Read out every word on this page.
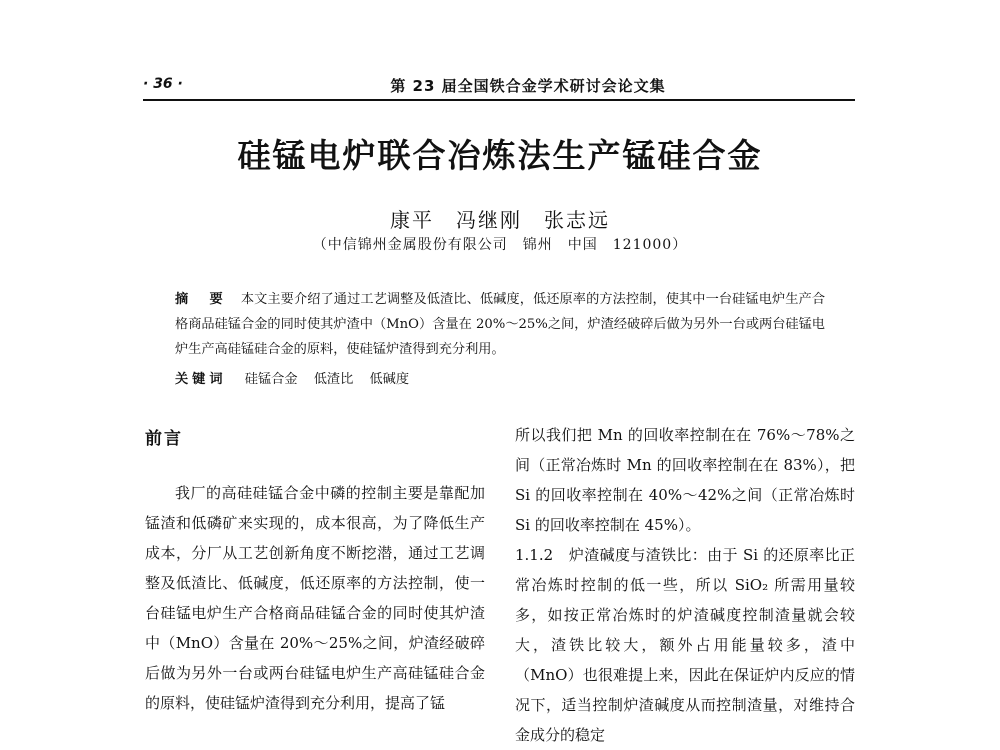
· 36 ·	第 23 届全国铁合金学术研讨会论文集
硅锰电炉联合冶炼法生产锰硅合金
康平　冯继刚　张志远
（中信锦州金属股份有限公司　锦州　中国　121000）
摘　要 本文主要介绍了通过工艺调整及低渣比、低碱度，低还原率的方法控制，使其中一台硅锰电炉生产合格商品硅锰合金的同时使其炉渣中（MnO）含量在 20%～25%之间，炉渣经破碎后做为另外一台或两台硅锰电炉生产高硅锰硅合金的原料，使硅锰炉渣得到充分利用。
关键词 硅锰合金 低渣比 低碱度
前言

我厂的高硅硅锰合金中磷的控制主要是靠配加锰渣和低磷矿来实现的，成本很高，为了降低生产成本，分厂从工艺创新角度不断挖潜，通过工艺调整及低渣比、低碱度，低还原率的方法控制，使一台硅锰电炉生产合格商品硅锰合金的同时使其炉渣中（MnO）含量在 20%～25%之间，炉渣经破碎后做为另外一台或两台硅锰电炉生产高硅锰硅合金的原料，使硅锰炉渣得到充分利用，提高了锰

所以我们把 Mn 的回收率控制在在 76%～78%之间（正常冶炼时 Mn 的回收率控制在在 83%），把 Si 的回收率控制在 40%～42%之间（正常冶炼时 Si 的回收率控制在 45%）。

1.1.2　炉渣碱度与渣铁比：由于 Si 的还原率比正常冶炼时控制的低一些，所以 SiO₂ 所需用量较多，如按正常冶炼时的炉渣碱度控制渣量就会较大，渣铁比较大，额外占用能量较多，渣中（MnO）也很难提上来，因此在保证炉内反应的情况下，适当控制炉渣碱度从而控制渣量，对维持合金成分的稳定
